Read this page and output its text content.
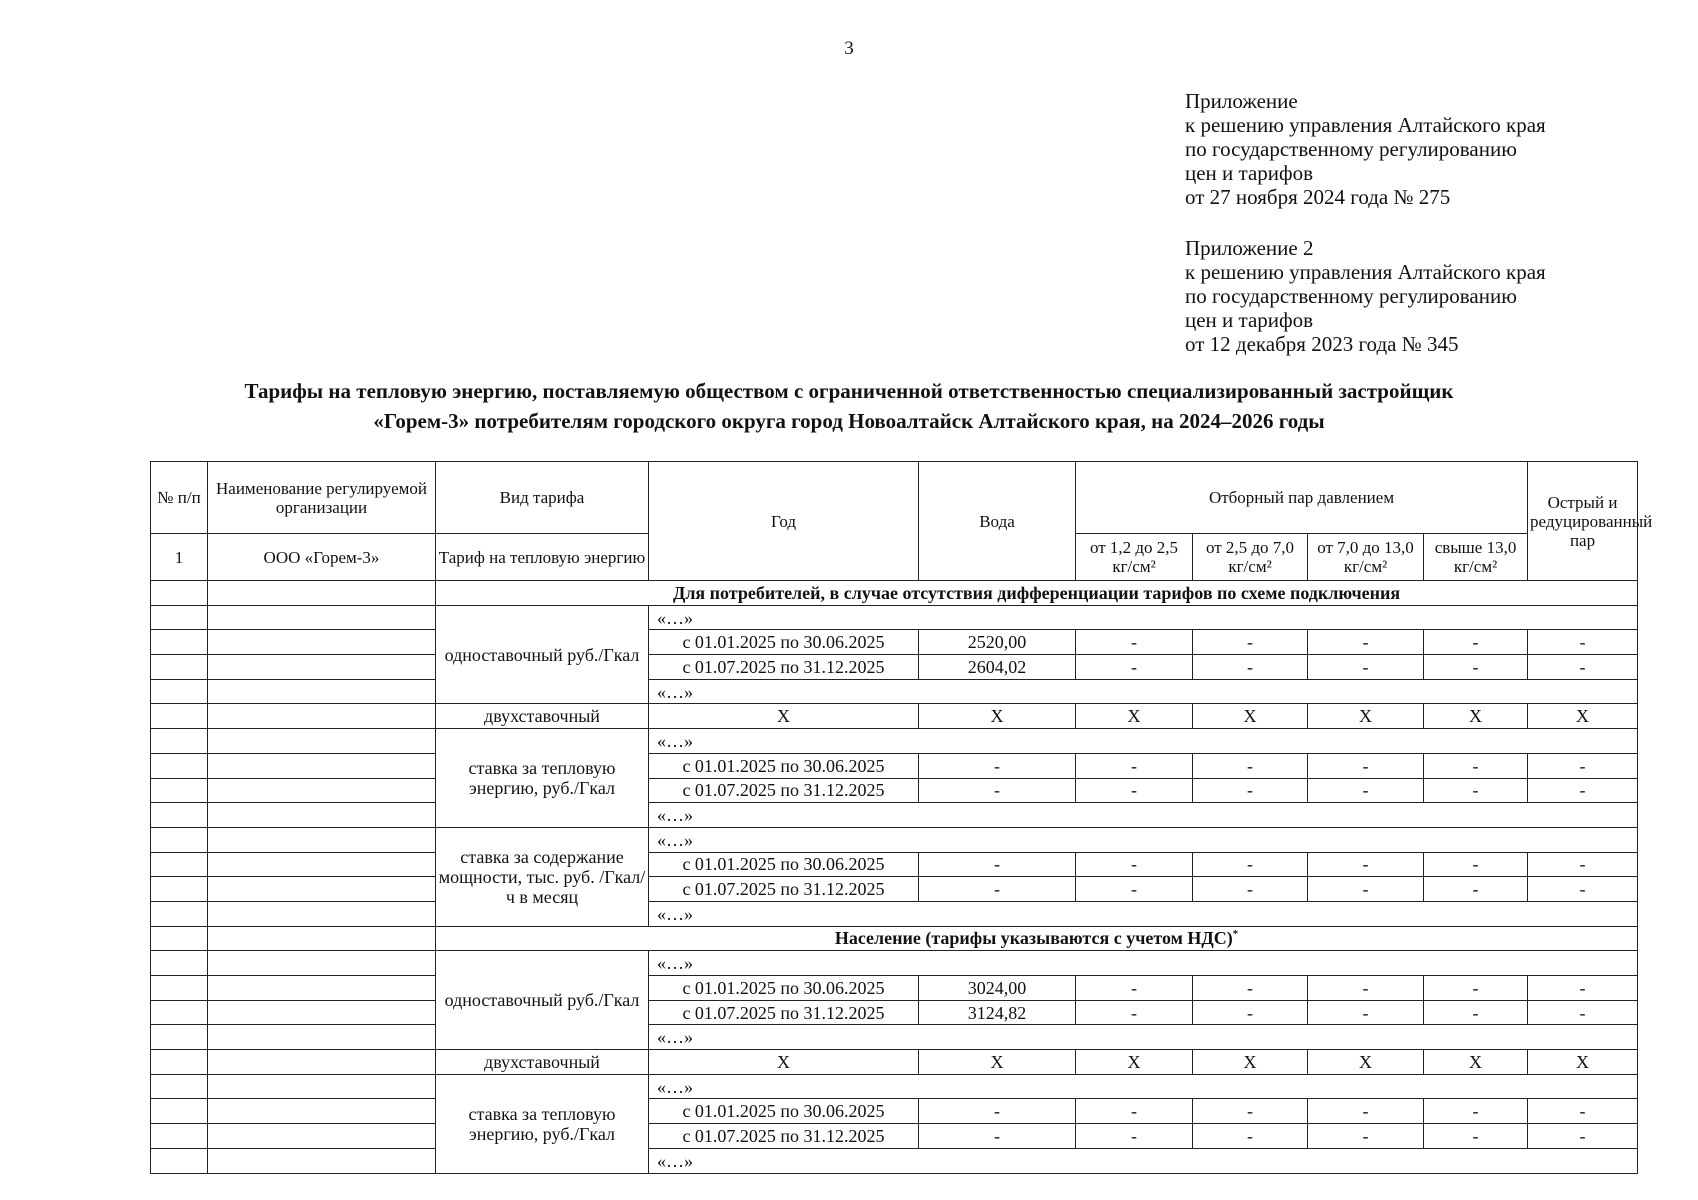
3
Приложение
к решению управления Алтайского края
по государственному регулированию
цен и тарифов
от 27 ноября 2024 года № 275
Приложение 2
к решению управления Алтайского края
по государственному регулированию
цен и тарифов
от 12 декабря 2023 года № 345
Тарифы на тепловую энергию, поставляемую обществом с ограниченной ответственностью специализированный застройщик
«Горем-3» потребителям городского округа город Новоалтайск Алтайского края, на 2024–2026 годы
№ п/п	Наименование регулируемой организации	Вид тарифа	Год	Вода	Отборный пар давлением				Острый и редуцированный пар
1	ООО «Горем-3»	Тариф на тепловую энергию			от 1,2 до 2,5 кг/см²	от 2,5 до 7,0 кг/см²	от 7,0 до 13,0 кг/см²	свыше 13,0 кг/см²	
		Для потребителей, в случае отсутствия дифференциации тарифов по схеме подключения							
		одноставочный руб./Гкал	«…»						
			с 01.01.2025 по 30.06.2025	2520,00	-	-	-	-	-
			с 01.07.2025 по 31.12.2025	2604,02	-	-	-	-	-
			«…»						
		двухставочный	X	X	X	X	X	X	X
		ставка за тепловую энергию, руб./Гкал	«…»						
			с 01.01.2025 по 30.06.2025	-	-	-	-	-	-
			с 01.07.2025 по 31.12.2025	-	-	-	-	-	-
			«…»						
		ставка за содержание мощности, тыс. руб. /Гкал/ч в месяц	«…»						
			с 01.01.2025 по 30.06.2025	-	-	-	-	-	-
			с 01.07.2025 по 31.12.2025	-	-	-	-	-	-
			«…»						
		Население (тарифы указываются с учетом НДС)*
		одноставочный руб./Гкал	«…»						
			с 01.01.2025 по 30.06.2025	3024,00	-	-	-	-	-
			с 01.07.2025 по 31.12.2025	3124,82	-	-	-	-	-
			«…»						
		двухставочный	X	X	X	X	X	X	X
		ставка за тепловую энергию, руб./Гкал	«…»						
			с 01.01.2025 по 30.06.2025	-	-	-	-	-	-
			с 01.07.2025 по 31.12.2025	-	-	-	-	-	-
			«…»						
